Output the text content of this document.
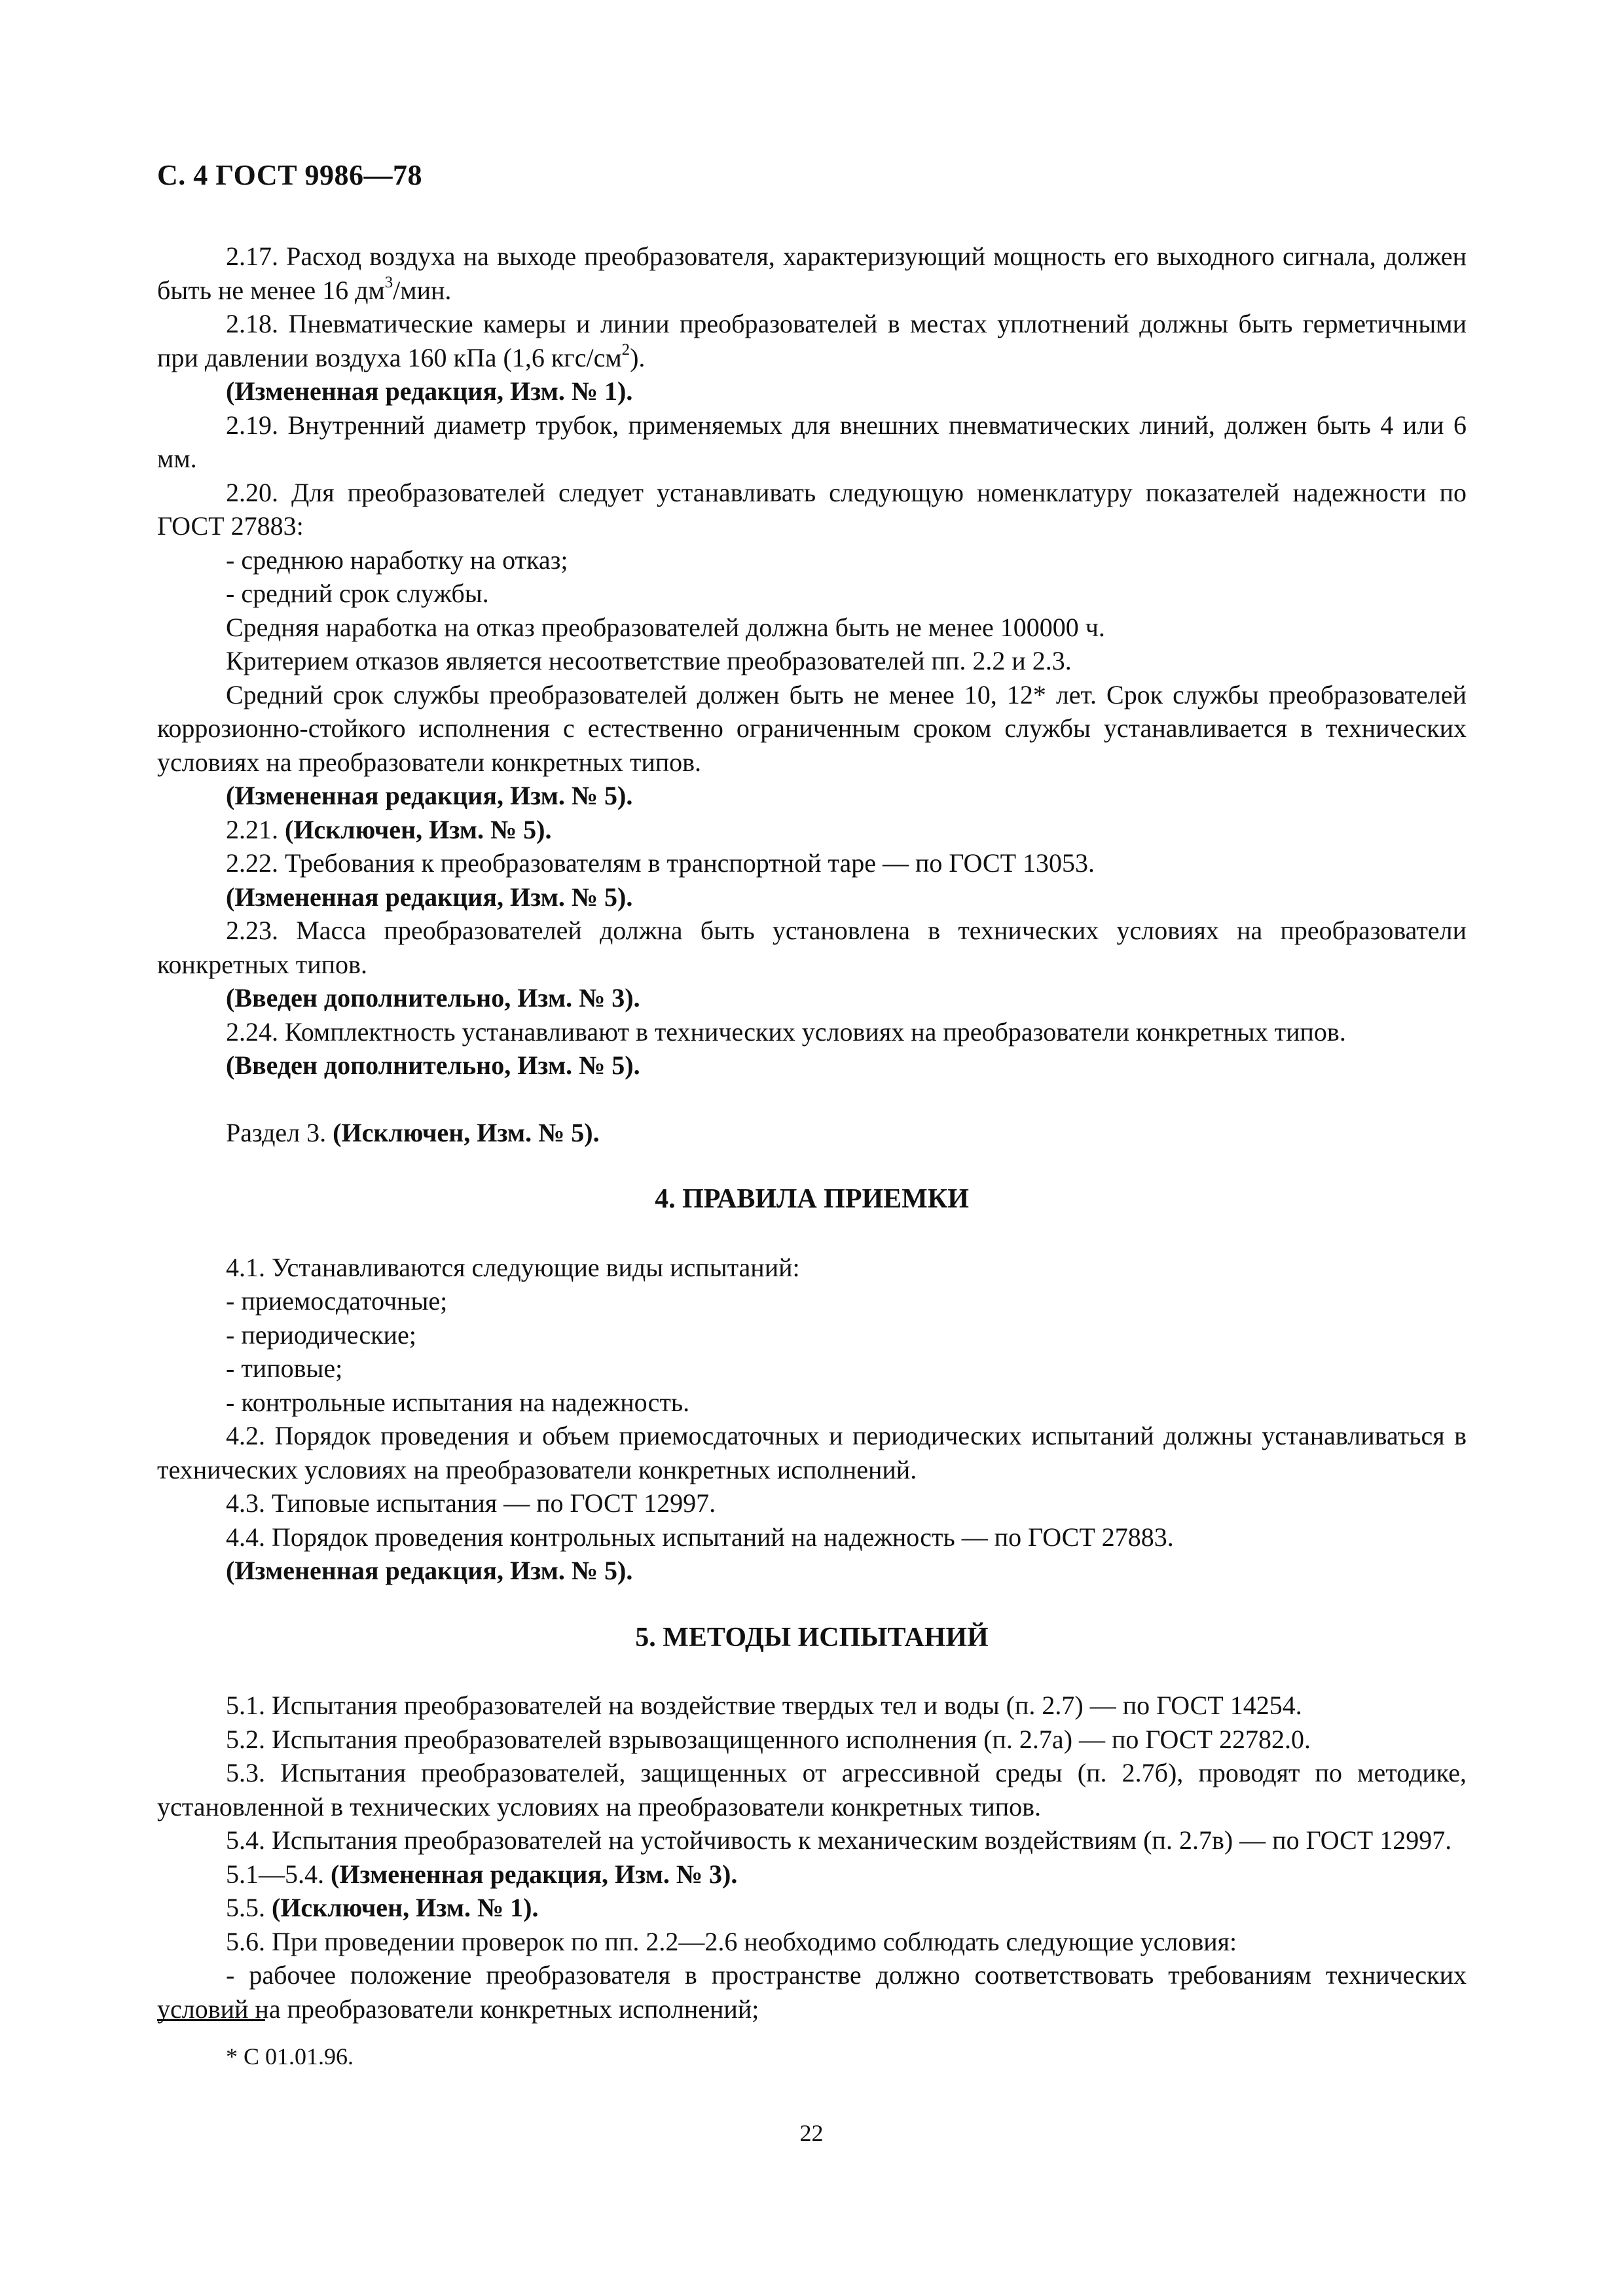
С. 4 ГОСТ 9986—78

2.17. Расход воздуха на выходе преобразователя, характеризующий мощность его выходного сигнала, должен быть не менее 16 $дм^3$/мин.

2.18. Пневматические камеры и линии преобразователей в местах уплотнений должны быть герметичными при давлении воздуха 160 кПа (1,6 кгс/$см^2$).

(Измененная редакция, Изм. № 1).

2.19. Внутренний диаметр трубок, применяемых для внешних пневматических линий, должен быть 4 или 6 мм.

2.20. Для преобразователей следует устанавливать следующую номенклатуру показателей надежности по ГОСТ 27883:

- среднюю наработку на отказ;

- средний срок службы.

Средняя наработка на отказ преобразователей должна быть не менее 100000 ч.

Критерием отказов является несоответствие преобразователей пп. 2.2 и 2.3.

Средний срок службы преобразователей должен быть не менее 10, 12* лет. Срок службы преобразователей коррозионно-стойкого исполнения с естественно ограниченным сроком службы устанавливается в технических условиях на преобразователи конкретных типов.

(Измененная редакция, Изм. № 5).

2.21. (Исключен, Изм. № 5).

2.22. Требования к преобразователям в транспортной таре — по ГОСТ 13053.

(Измененная редакция, Изм. № 5).

2.23. Масса преобразователей должна быть установлена в технических условиях на преобразователи конкретных типов.

(Введен дополнительно, Изм. № 3).

2.24. Комплектность устанавливают в технических условиях на преобразователи конкретных типов.

(Введен дополнительно, Изм. № 5).

Раздел 3. (Исключен, Изм. № 5).

4. ПРАВИЛА ПРИЕМКИ

4.1. Устанавливаются следующие виды испытаний:

- приемосдаточные;

- периодические;

- типовые;

- контрольные испытания на надежность.

4.2. Порядок проведения и объем приемосдаточных и периодических испытаний должны устанавливаться в технических условиях на преобразователи конкретных исполнений.

4.3. Типовые испытания — по ГОСТ 12997.

4.4. Порядок проведения контрольных испытаний на надежность — по ГОСТ 27883.

(Измененная редакция, Изм. № 5).

5. МЕТОДЫ ИСПЫТАНИЙ

5.1. Испытания преобразователей на воздействие твердых тел и воды (п. 2.7) — по ГОСТ 14254.

5.2. Испытания преобразователей взрывозащищенного исполнения (п. 2.7а) — по ГОСТ 22782.0.

5.3. Испытания преобразователей, защищенных от агрессивной среды (п. 2.7б), проводят по методике, установленной в технических условиях на преобразователи конкретных типов.

5.4. Испытания преобразователей на устойчивость к механическим воздействиям (п. 2.7в) — по ГОСТ 12997.

5.1—5.4. (Измененная редакция, Изм. № 3).

5.5. (Исключен, Изм. № 1).

5.6. При проведении проверок по пп. 2.2—2.6 необходимо соблюдать следующие условия:

- рабочее положение преобразователя в пространстве должно соответствовать требованиям технических условий на преобразователи конкретных исполнений;

* С 01.01.96.
22
